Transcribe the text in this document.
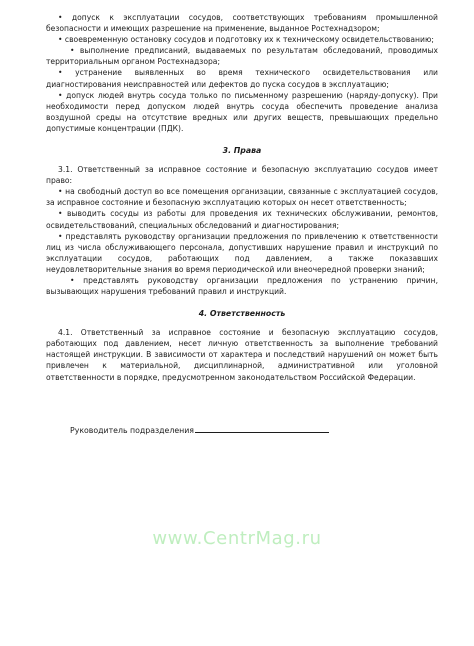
• допуск к эксплуатации сосудов, соответствующих требованиям промышленной безопасности и имеющих разрешение на применение, выданное Ростехнадзором;

• своевременную остановку сосудов и подготовку их к техническому освидетельствованию;

• выполнение предписаний, выдаваемых по результатам обследований, проводимых территориальным органом Ростехнадзора;

• устранение выявленных во время технического освидетельствования или диагностирования неисправностей или дефектов до пуска сосудов в эксплуатацию;

• допуск людей внутрь сосуда только по письменному разрешению (наряду-допуску). При необходимости перед допуском людей внутрь сосуда обеспечить проведение анализа воздушной среды на отсутствие вредных или других веществ, превышающих предельно допустимые концентрации (ПДК).

3. Права

3.1. Ответственный за исправное состояние и безопасную эксплуатацию сосудов имеет право:

• на свободный доступ во все помещения организации, связанные с эксплуатацией сосудов, за исправное состояние и безопасную эксплуатацию которых он несет ответственность;

• выводить сосуды из работы для проведения их технических обслуживании, ремонтов, освидетельствований, специальных обследований и диагностирования;

• представлять руководству организации предложения по привлечению к ответственности лиц из числа обслуживающего персонала, допустивших нарушение правил и инструкций по эксплуатации сосудов, работающих под давлением, а также показавших неудовлетворительные знания во время периодической или внеочередной проверки знаний;

• представлять руководству организации предложения по устранению причин, вызывающих нарушения требований правил и инструкций.

4. Ответственность

4.1. Ответственный за исправное состояние и безопасную эксплуатацию сосудов, работающих под давлением, несет личную ответственность за выполнение требований настоящей инструкции. В зависимости от характера и последствий нарушений он может быть привлечен к материальной, дисциплинарной, административной или уголовной ответственности в порядке, предусмотренном законодательством Российской Федерации.

Руководитель подразделения

www.CentrMag.ru
